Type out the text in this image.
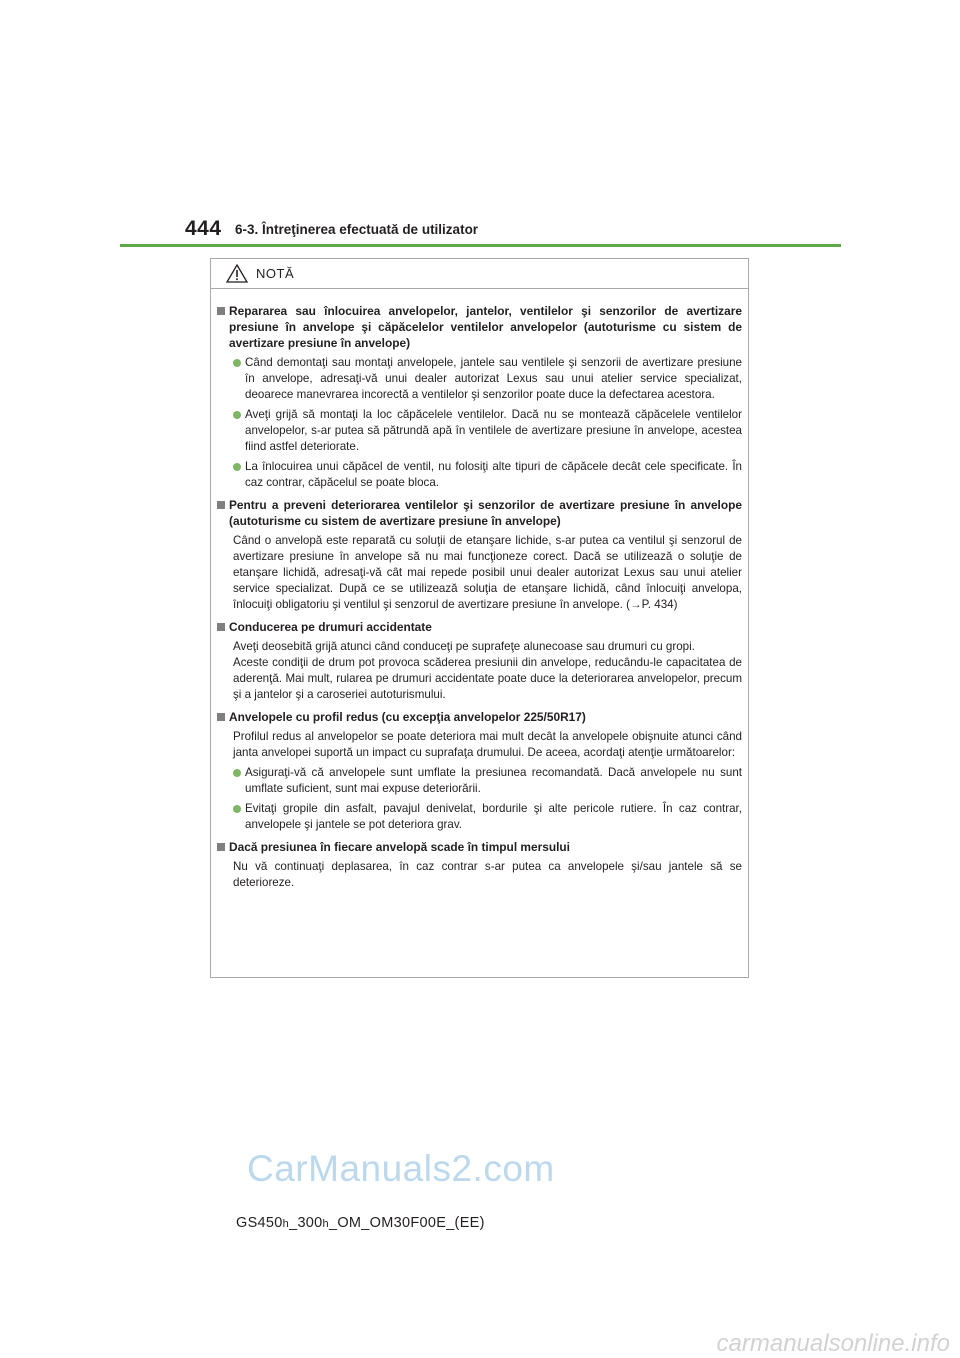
444 6-3. Întreţinerea efectuată de utilizator
NOTĂ
Repararea sau înlocuirea anvelopelor, jantelor, ventilelor şi senzorilor de avertizare presiune în anvelope şi căpăcelelor ventilelor anvelopelor (autoturisme cu sistem de avertizare presiune în anvelope)
Când demontaţi sau montaţi anvelopele, jantele sau ventilele şi senzorii de avertizare presiune în anvelope, adresaţi-vă unui dealer autorizat Lexus sau unui atelier service specializat, deoarece manevrarea incorectă a ventilelor şi senzorilor poate duce la defectarea acestora.
Aveţi grijă să montaţi la loc căpăcelele ventilelor. Dacă nu se montează căpăcelele ventilelor anvelopelor, s-ar putea să pătrundă apă în ventilele de avertizare presiune în anvelope, acestea fiind astfel deteriorate.
La înlocuirea unui căpăcel de ventil, nu folosiţi alte tipuri de căpăcele decât cele specificate. În caz contrar, căpăcelul se poate bloca.
Pentru a preveni deteriorarea ventilelor şi senzorilor de avertizare presiune în anvelope (autoturisme cu sistem de avertizare presiune în anvelope)
Când o anvelopă este reparată cu soluţii de etanşare lichide, s-ar putea ca ventilul şi senzorul de avertizare presiune în anvelope să nu mai funcţioneze corect. Dacă se utilizează o soluţie de etanşare lichidă, adresaţi-vă cât mai repede posibil unui dealer autorizat Lexus sau unui atelier service specializat. După ce se utilizează soluţia de etanşare lichidă, când înlocuiţi anvelopa, înlocuiţi obligatoriu şi ventilul şi senzorul de avertizare presiune în anvelope. (→P. 434)
Conducerea pe drumuri accidentate
Aveţi deosebită grijă atunci când conduceţi pe suprafeţe alunecoase sau drumuri cu gropi.
Aceste condiţii de drum pot provoca scăderea presiunii din anvelope, reducându-le capacitatea de aderenţă. Mai mult, rularea pe drumuri accidentate poate duce la deteriorarea anvelopelor, precum şi a jantelor şi a caroseriei autoturismului.
Anvelopele cu profil redus (cu excepţia anvelopelor 225/50R17)
Profilul redus al anvelopelor se poate deteriora mai mult decât la anvelopele obişnuite atunci când janta anvelopei suportă un impact cu suprafaţa drumului. De aceea, acordaţi atenţie următoarelor:
Asiguraţi-vă că anvelopele sunt umflate la presiunea recomandată. Dacă anvelopele nu sunt umflate suficient, sunt mai expuse deteriorării.
Evitaţi gropile din asfalt, pavajul denivelat, bordurile şi alte pericole rutiere. În caz contrar, anvelopele şi jantele se pot deteriora grav.
Dacă presiunea în fiecare anvelopă scade în timpul mersului
Nu vă continuaţi deplasarea, în caz contrar s-ar putea ca anvelopele şi/sau jantele să se deterioreze.
GS450h_300h_OM_OM30F00E_(EE)
CarManuals2.com
carmanualsonline.info
